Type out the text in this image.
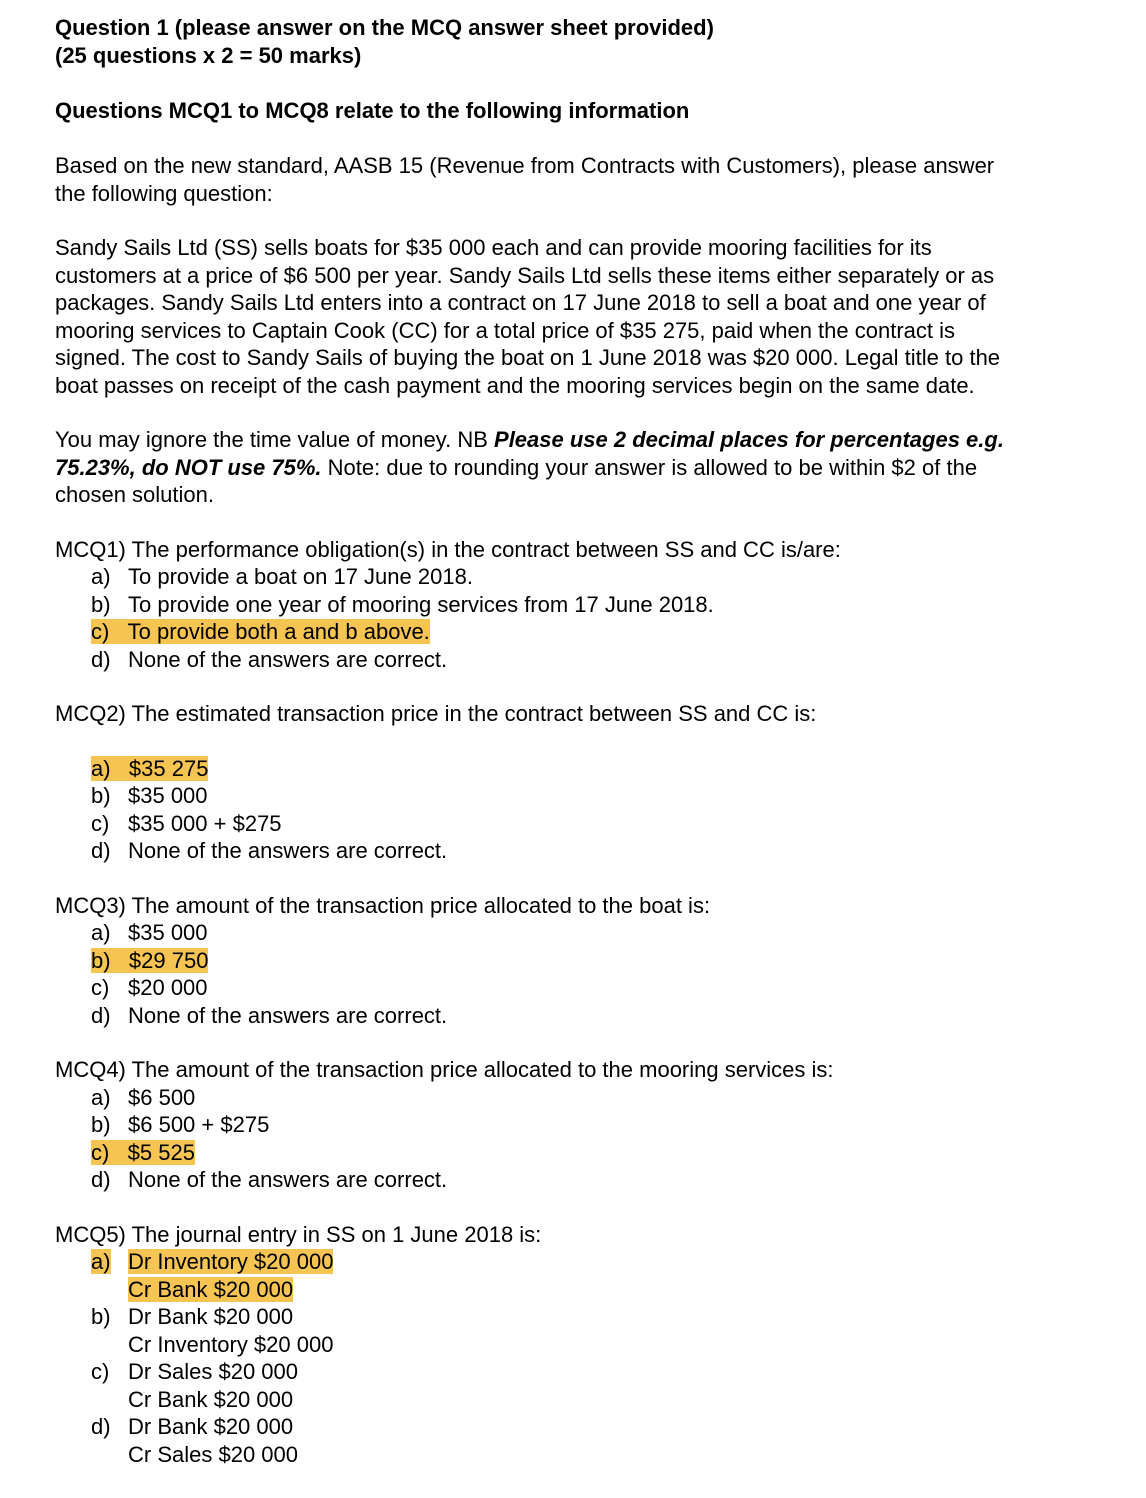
Question 1 (please answer on the MCQ answer sheet provided)

(25 questions x 2 = 50 marks)

Questions MCQ1 to MCQ8 relate to the following information

Based on the new standard, AASB 15 (Revenue from Contracts with Customers), please answer

the following question:

Sandy Sails Ltd (SS) sells boats for $35 000 each and can provide mooring facilities for its

customers at a price of $6 500 per year. Sandy Sails Ltd sells these items either separately or as

packages. Sandy Sails Ltd enters into a contract on 17 June 2018 to sell a boat and one year of

mooring services to Captain Cook (CC) for a total price of $35 275, paid when the contract is

signed. The cost to Sandy Sails of buying the boat on 1 June 2018 was $20 000. Legal title to the

boat passes on receipt of the cash payment and the mooring services begin on the same date.

You may ignore the time value of money. NB Please use 2 decimal places for percentages e.g.

75.23%, do NOT use 75%. Note: due to rounding your answer is allowed to be within $2 of the

chosen solution.

MCQ1) The performance obligation(s) in the contract between SS and CC is/are:

a) To provide a boat on 17 June 2018.
b) To provide one year of mooring services from 17 June 2018.
c) To provide both a and b above.
d) None of the answers are correct.

MCQ2) The estimated transaction price in the contract between SS and CC is:

a) $35 275
b) $35 000
c) $35 000 + $275
d) None of the answers are correct.

MCQ3) The amount of the transaction price allocated to the boat is:

a) $35 000
b) $29 750
c) $20 000
d) None of the answers are correct.

MCQ4) The amount of the transaction price allocated to the mooring services is:

a) $6 500
b) $6 500 + $275
c) $5 525
d) None of the answers are correct.

MCQ5) The journal entry in SS on 1 June 2018 is:

a) Dr Inventory $20 000
Cr Bank $20 000
b) Dr Bank $20 000
Cr Inventory $20 000
c) Dr Sales $20 000
Cr Bank $20 000
d) Dr Bank $20 000
Cr Sales $20 000
